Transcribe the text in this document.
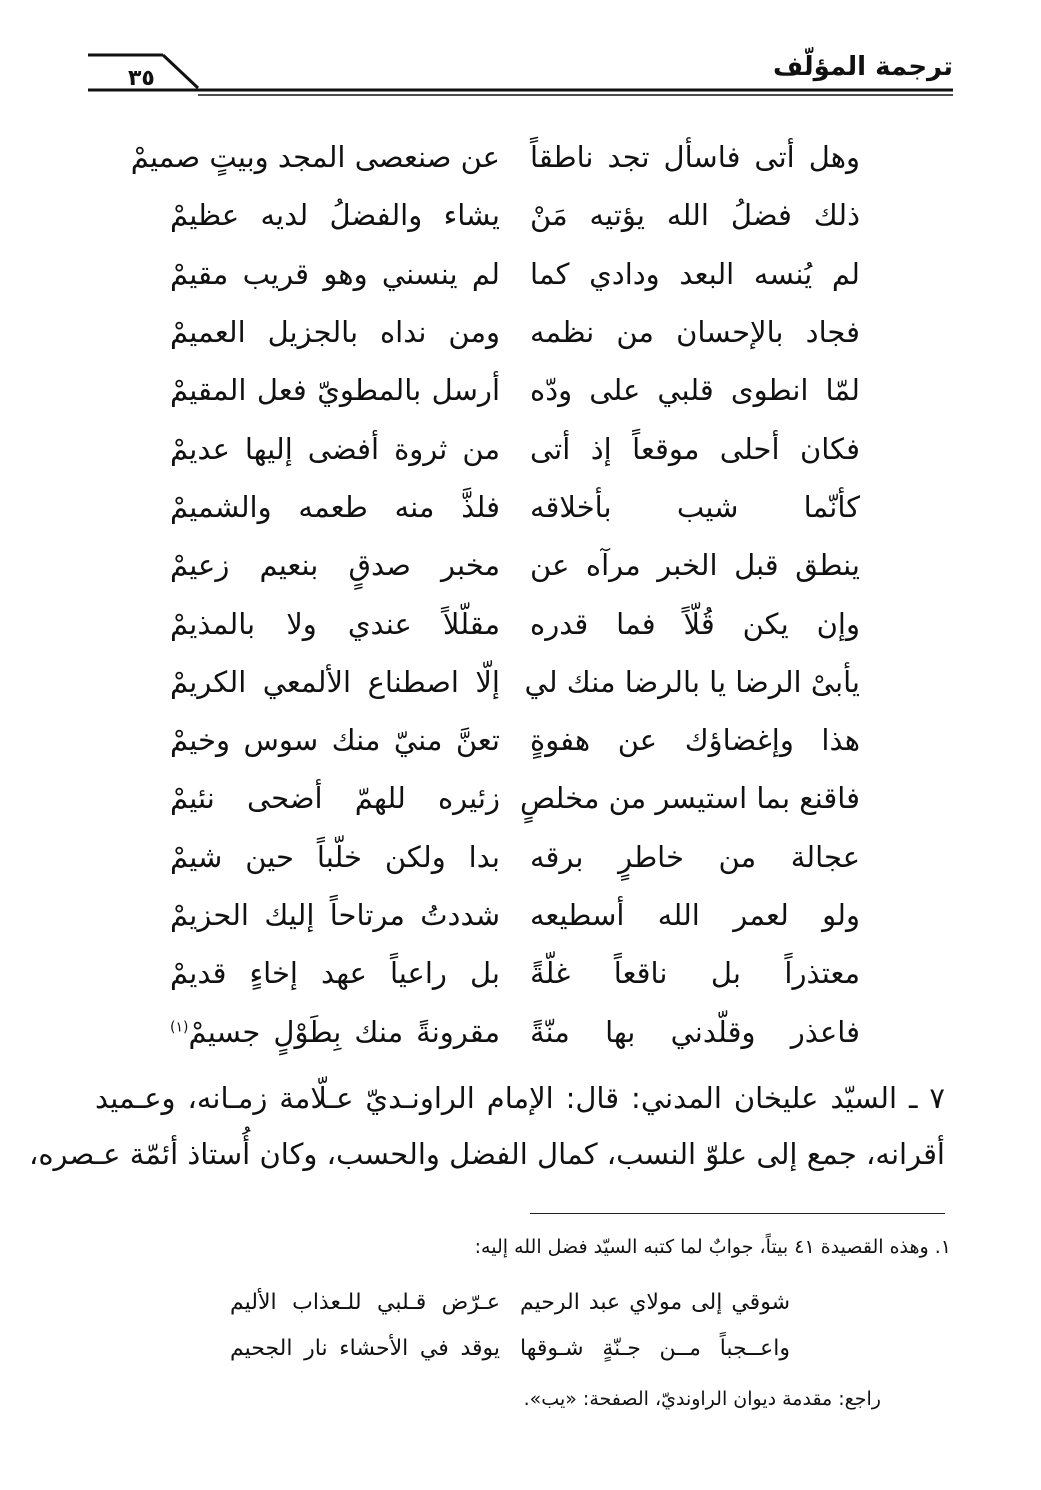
٣٥	ترجمة المؤلّف
وهل أتى فاسأل تجد ناطقاً
عن صنعصى المجد وبيتٍ صميمْ
ذلك فضلُ الله يؤتيه مَنْ
يشاء والفضلُ لديه عظيمْ
لم يُنسه البعد ودادي كما
لم ينسني وهو قريب مقيمْ
فجاد بالإحسان من نظمه
ومن نداه بالجزيل العميمْ
لمّا انطوى قلبي على ودّه
أرسل بالمطويّ فعل المقيمْ
فكان أحلى موقعاً إذ أتى
من ثروة أفضى إليها عديمْ
كأنّما شيب بأخلاقه
فلذَّ منه طعمه والشميمْ
ينطق قبل الخبر مرآه عن
مخبر صدقٍ بنعيم زعيمْ
وإن يكن قُلّاً فما قدره
مقلّلاً عندي ولا بالمذيمْ
يأبىْ الرضا يا بالرضا منك لي
إلّا اصطناع الألمعي الكريمْ
هذا وإغضاؤك عن هفوةٍ
تعنَّ منيّ منك سوس وخيمْ
فاقنع بما استيسر من مخلصٍ
زئيره للهمّ أضحى نئيمْ
عجالة من خاطرٍ برقه
بدا ولكن خلّباً حين شيمْ
ولو لعمر الله أسطيعه
شددتُ مرتاحاً إليك الحزيمْ
معتذراً بل ناقعاً غلّةً
بل راعياً عهد إخاءٍ قديمْ
فاعذر وقلّدني بها منّةً
مقرونةً منك بِطَوْلٍ جسيمْ$^{(١)}$
٧ ـ السيّد عليخان المدني: قال: الإمام الراونـديّ عـلّامة زمـانه، وعـميد
أقرانه، جمع إلى علوّ النسب، كمال الفضل والحسب، وكان أُستاذ أئمّة عـصره،
١. وهذه القصيدة ٤١ بيتاً، جوابٌ لما كتبه السيّد فضل الله إليه:
شوقي إلى مولاي عبد الرحيم
عـرّض قـلبي للـعذاب الأليم
واعــجباً مــن جـنّةٍ شـوقها
يوقد في الأحشاء نار الجحيم
راجع: مقدمة ديوان الراونديّ، الصفحة: «يب».
